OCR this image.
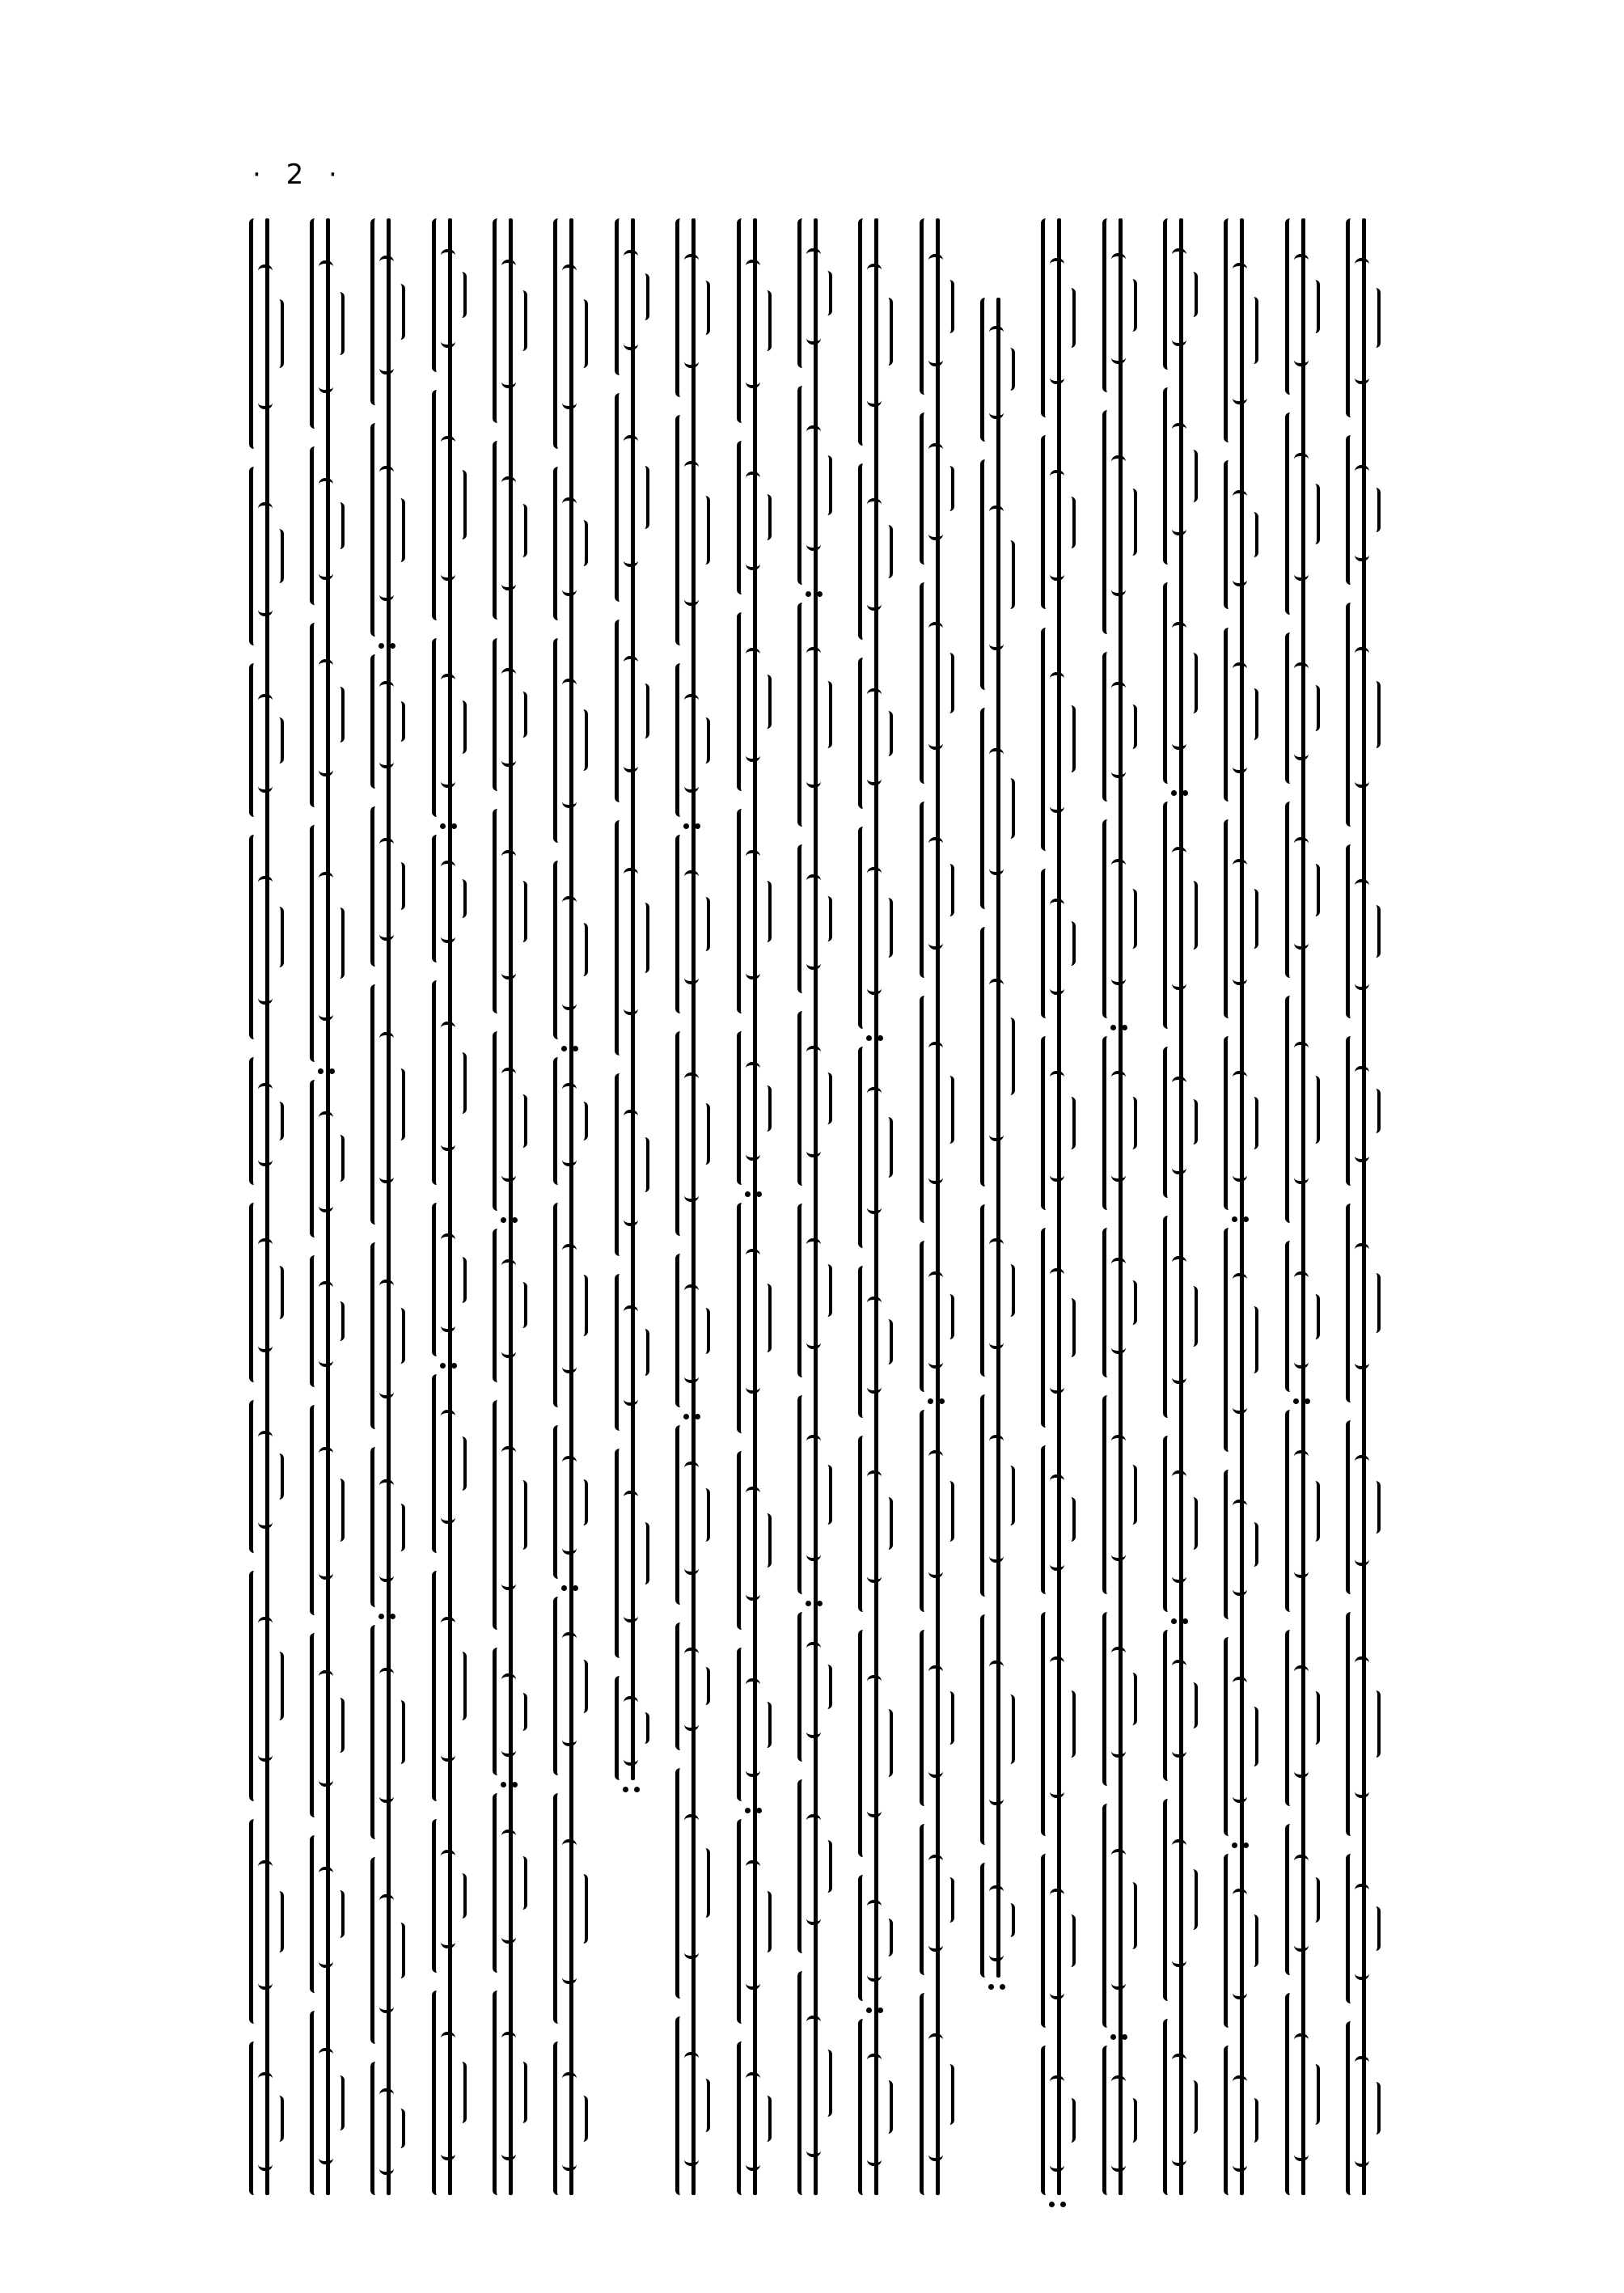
· 2 ·
